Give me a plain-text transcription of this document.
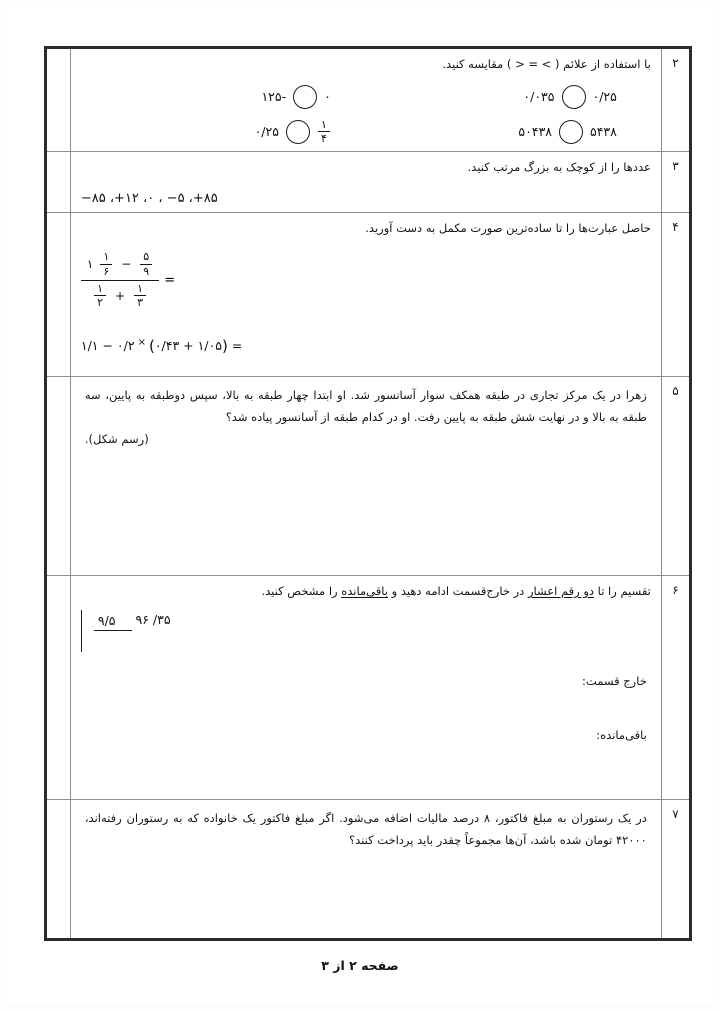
۲	

با استفاده از علائم ( > = < ) مقایسه کنید.

۰/۲۵
۰/۰۳۵
۵۴۳۸
۵۰۴۳۸
۰
-۱۲۵
$\frac{۱}{۴}$
۰/۲۵

۳	عددها را از کوچک به بزرگ مرتب کنید.

−۸۵ ،+۱۲ ،۰ ، −۵ ،+۸۵	

۴	

حاصل عبارت‌ها را تا ساده‌ترین صورت مکمل به دست آورید.

۱ $\frac{۱}{۶} - \frac{۵}{۹}$
$\frac{۱}{۲} + \frac{۱}{۳}$
=
۱/۱ − ۰/۲ × (۰/۴۳ + ۱/۰۵) =

۵	زهرا در یک مرکز تجاری در طبقه همکف سوار آسانسور شد. او ابتدا چهار طبقه به بالا، سپس دوطبقه به پایین، سه طبقه به بالا و در نهایت شش طبقه به پایین رفت. او در کدام طبقه از آسانسور پیاده شد؟

(رسم شکل).	

۶	تقسیم را تا دو رقم اعشار در خارج‌قسمت ادامه دهید و باقی‌مانده را مشخص کنید.

۹۶ /۳۵
۹/۵
خارج قسمت:
باقی‌مانده:	

۷	در یک رستوران به مبلغ فاکتور، ۸ درصد مالیات اضافه می‌شود. اگر مبلغ فاکتور یک خانواده که به رستوران رفته‌اند، ۴۲۰۰۰ تومان شده باشد، آن‌ها مجموعاً چقدر باید پرداخت کنند؟	

صفحه ۲ از ۳
